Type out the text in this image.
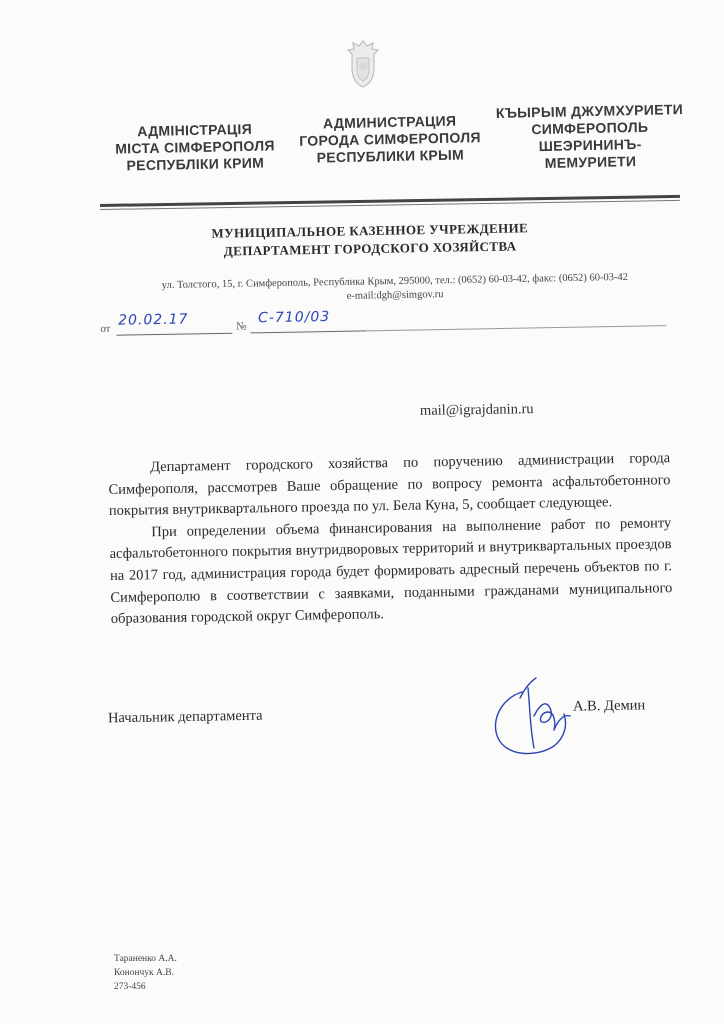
АДМІНІСТРАЦІЯ
МІСТА СІМФЕРОПОЛЯ
РЕСПУБЛІКИ КРИМ
АДМИНИСТРАЦИЯ
ГОРОДА СИМФЕРОПОЛЯ
РЕСПУБЛИКИ КРЫМ
КЪЫРЫМ ДЖУМХУРИЕТИ
СИМФЕРОПОЛЬ
ШЕЭРИНИНЪ-
МЕМУРИЕТИ
МУНИЦИПАЛЬНОЕ КАЗЕННОЕ УЧРЕЖДЕНИЕ
ДЕПАРТАМЕНТ ГОРОДСКОГО ХОЗЯЙСТВА
ул. Толстого, 15, г. Симферополь, Республика Крым, 295000, тел.: (0652) 60-03-42, факс: (0652) 60-03-42
e-mail:dgh@simgov.ru
от
20.02.17	№
С-710/03
mail@igrajdanin.ru

Департамент городского хозяйства по поручению администрации города Симферополя, рассмотрев Ваше обращение по вопросу ремонта асфальтобетонного покрытия внутриквартального проезда по ул. Бела Куна, 5, сообщает следующее.

При определении объема финансирования на выполнение работ по ремонту асфальтобетонного покрытия внутридворовых территорий и внутриквартальных проездов на 2017 год, администрация города будет формировать адресный перечень объектов по г. Симферополю в соответствии с заявками, поданными гражданами муниципального образования городской округ Симферополь.

Начальник департамента
А.В. Демин
Тараненко А.А.
Конончук А.В.
273-456
